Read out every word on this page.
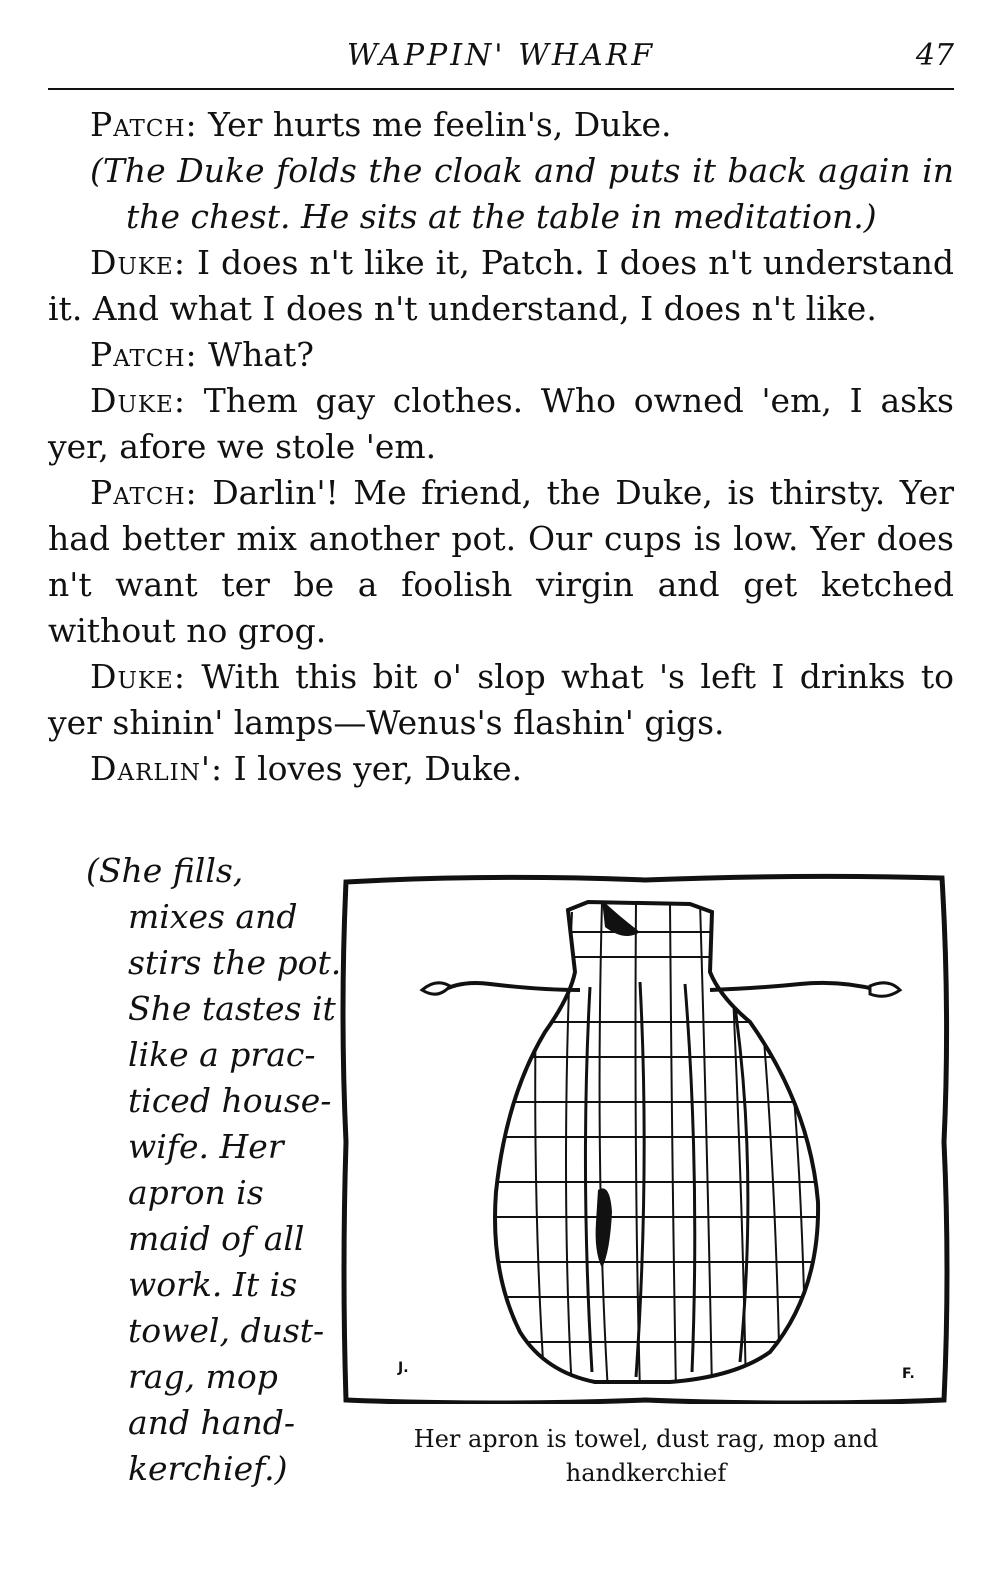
WAPPIN' WHARF	47

Patch: Yer hurts me feelin's, Duke.

(The Duke folds the cloak and puts it back again in the chest. He sits at the table in meditation.)

Duke: I does n't like it, Patch. I does n't understand it. And what I does n't understand, I does n't like.

Patch: What?

Duke: Them gay clothes. Who owned 'em, I asks yer, afore we stole 'em.

Patch: Darlin'! Me friend, the Duke, is thirsty. Yer had better mix another pot. Our cups is low. Yer does n't want ter be a foolish virgin and get ketched without no grog.

Duke: With this bit o' slop what 's left I drinks to yer shinin' lamps—Wenus's flashin' gigs.

Darlin': I loves yer, Duke.

(She fills,
mixes and
stirs the pot.
She tastes it
like a prac-
ticed house-
wife. Her
apron is
maid of all
work. It is
towel, dust-
rag, mop
and hand-
kerchief.)
J.	F.
Her apron is towel, dust rag, mop and handkerchief
